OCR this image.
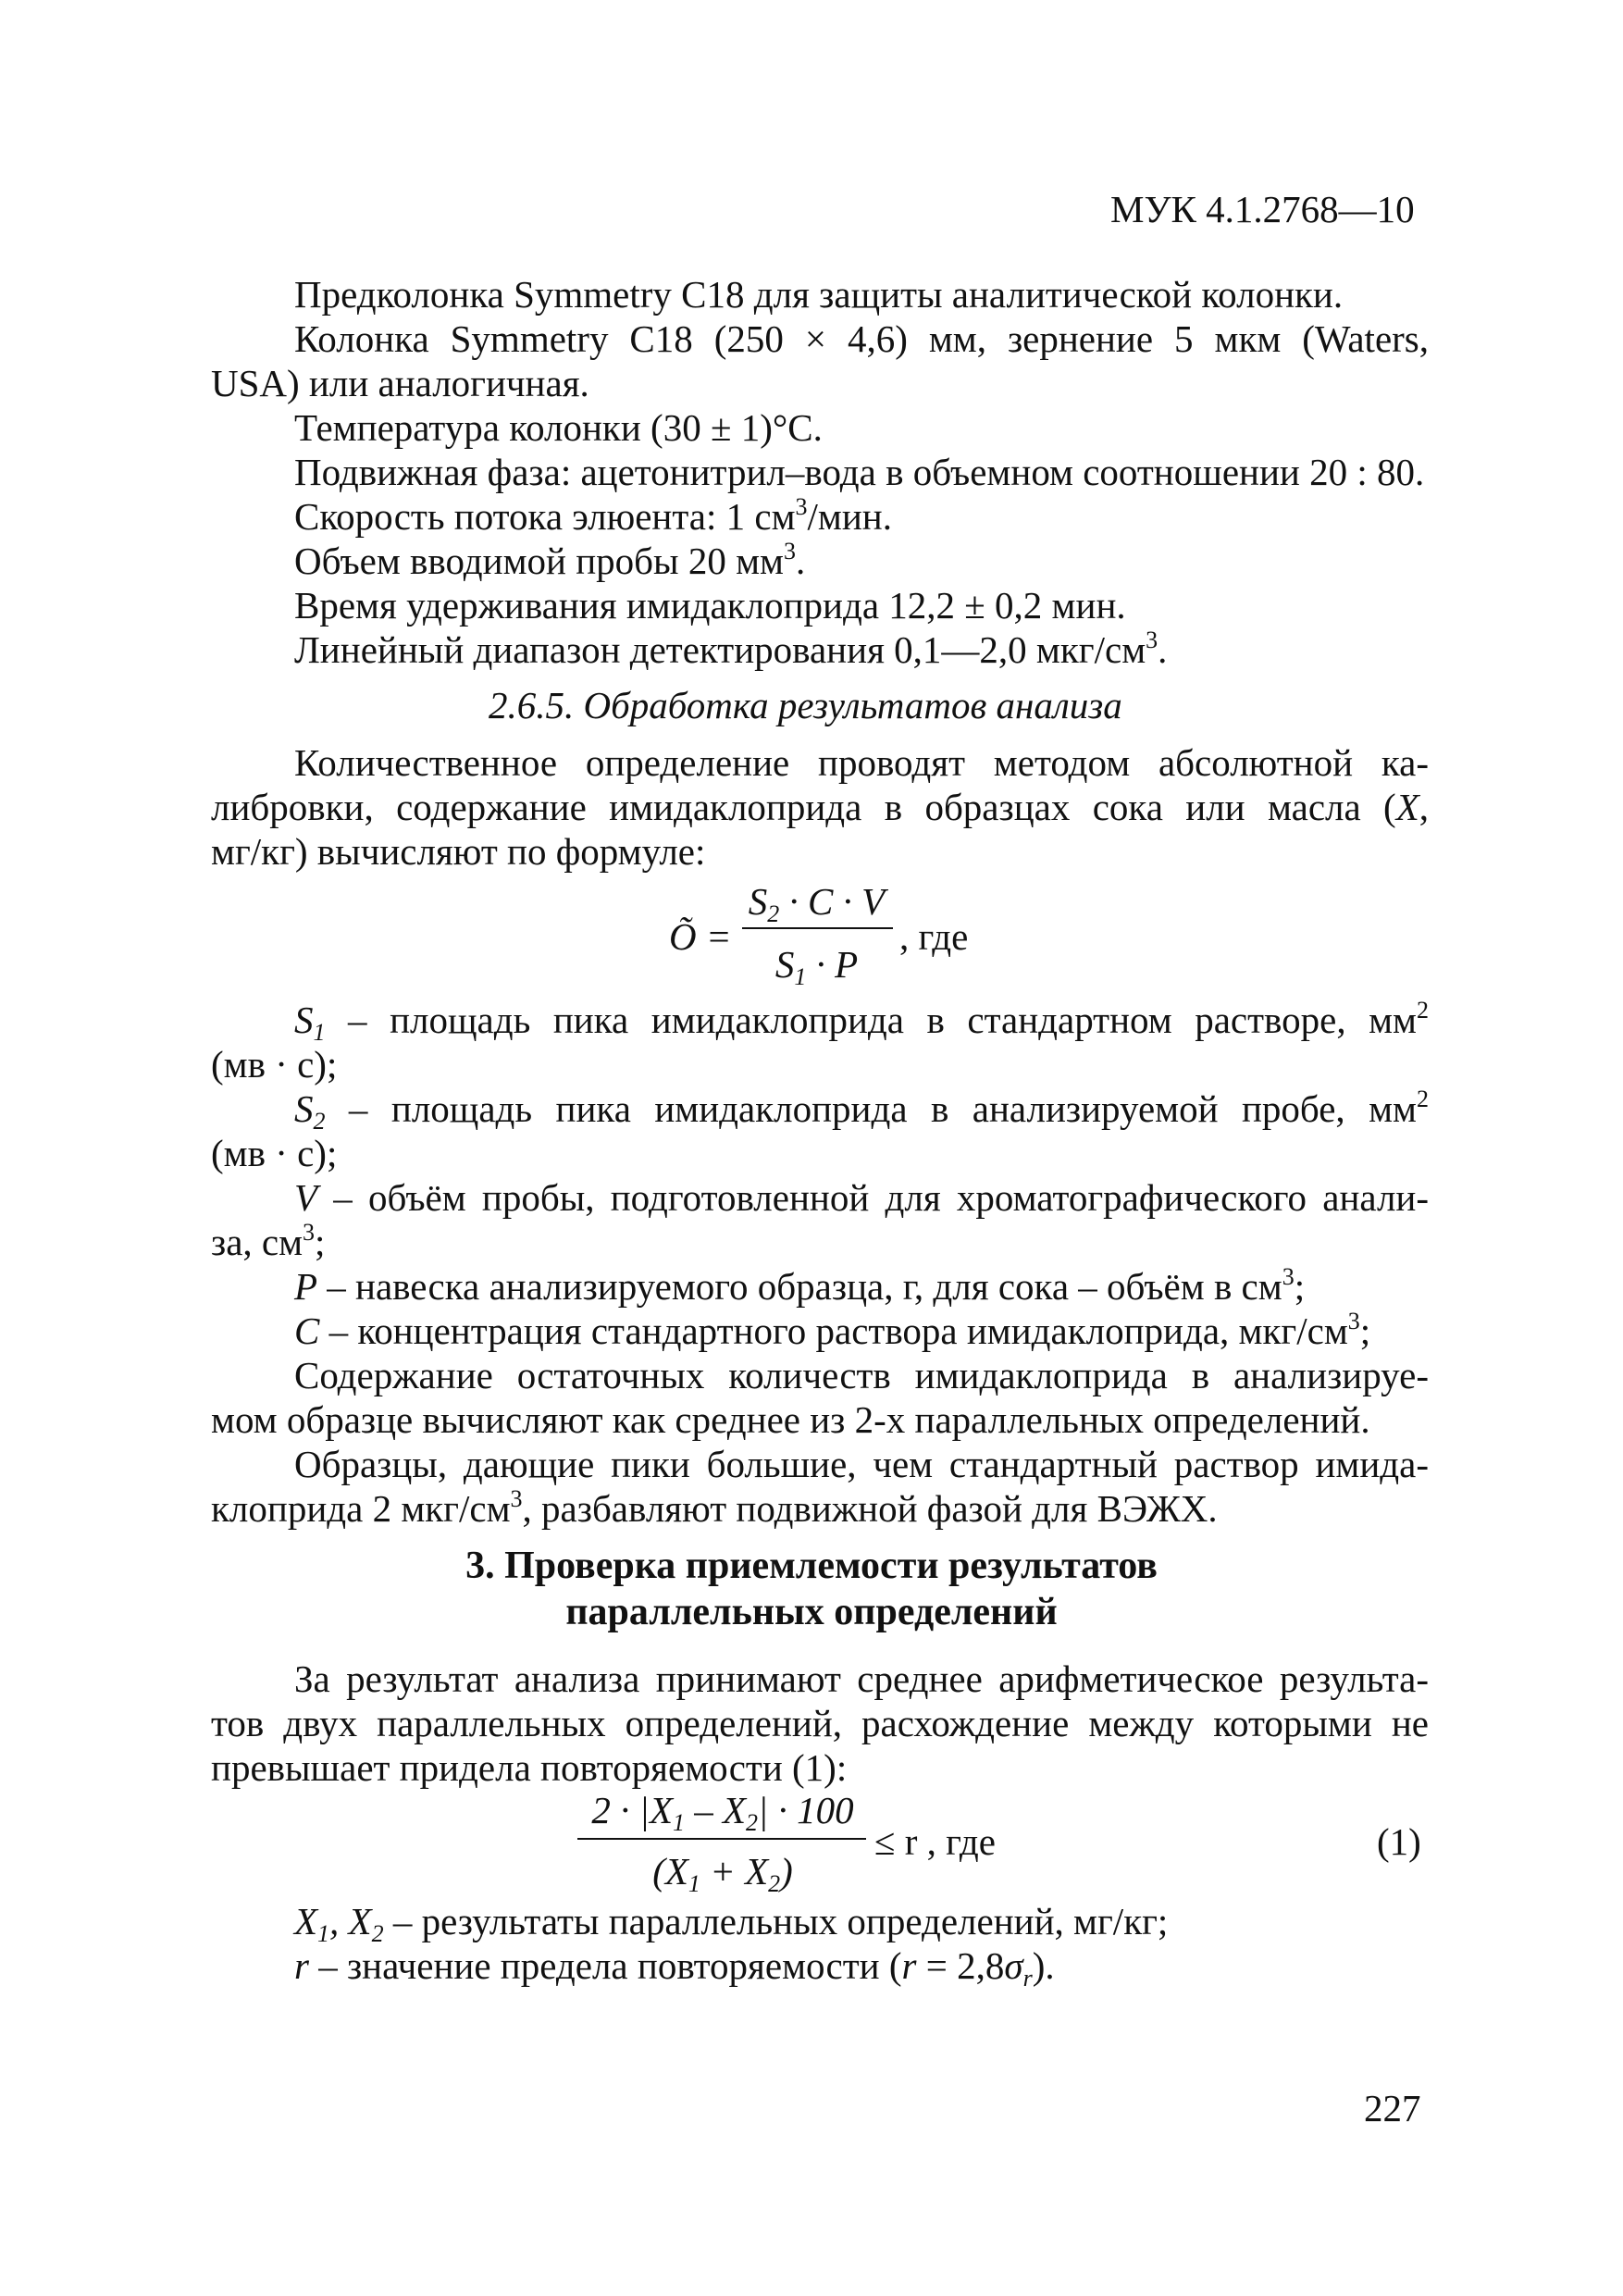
МУК 4.1.2768—10
Предколонка Symmetry C18 для защиты аналитической колонки.
Колонка Symmetry C18 (250 × 4,6) мм, зернение 5 мкм (Waters,
USA) или аналогичная.
Температура колонки (30 ± 1)°С.
Подвижная фаза: ацетонитрил–вода в объемном соотношении 20 : 80.
Скорость потока элюента: 1 $см^3$/мин.
Объем вводимой пробы 20 $мм^3$.
Время удерживания имидаклоприда 12,2 ± 0,2 мин.
Линейный диапазон детектирования 0,1—2,0 мкг/$см^3$.
2.6.5. Обработка результатов анализа
Количественное определение проводят методом абсолютной ка-
либровки, содержание имидаклоприда в образцах сока или масла (X,
мг/кг) вычисляют по формуле:
Õ =
$S_2 \cdot C \cdot V$
$S_1 \cdot P$
, где
$S_1$ – площадь пика имидаклоприда в стандартном растворе, $мм^2$
(мв · с);
$S_2$ – площадь пика имидаклоприда в анализируемой пробе, $мм^2$
(мв · с);
V – объём пробы, подготовленной для хроматографического анали-
за, $см^3$;
P – навеска анализируемого образца, г, для сока – объём в $см^3$;
C – концентрация стандартного раствора имидаклоприда, мкг/$см^3$;
Содержание остаточных количеств имидаклоприда в анализируе-
мом образце вычисляют как среднее из 2-х параллельных определений.
Образцы, дающие пики большие, чем стандартный раствор имида-
клоприда 2 мкг/$см^3$, разбавляют подвижной фазой для ВЭЖХ.
3. Проверка приемлемости результатов
параллельных определений
За результат анализа принимают среднее арифметическое результа-
тов двух параллельных определений, расхождение между которыми не
превышает придела повторяемости (1):
$2 \cdot |X_1 - X_2| \cdot 100$
$(X_1 + X_2)$
≤ r , где	(1)
$X_1$, $X_2$ – результаты параллельных определений, мг/кг;
r – значение предела повторяемости $(r = 2,8\sigma_r)$.
227
